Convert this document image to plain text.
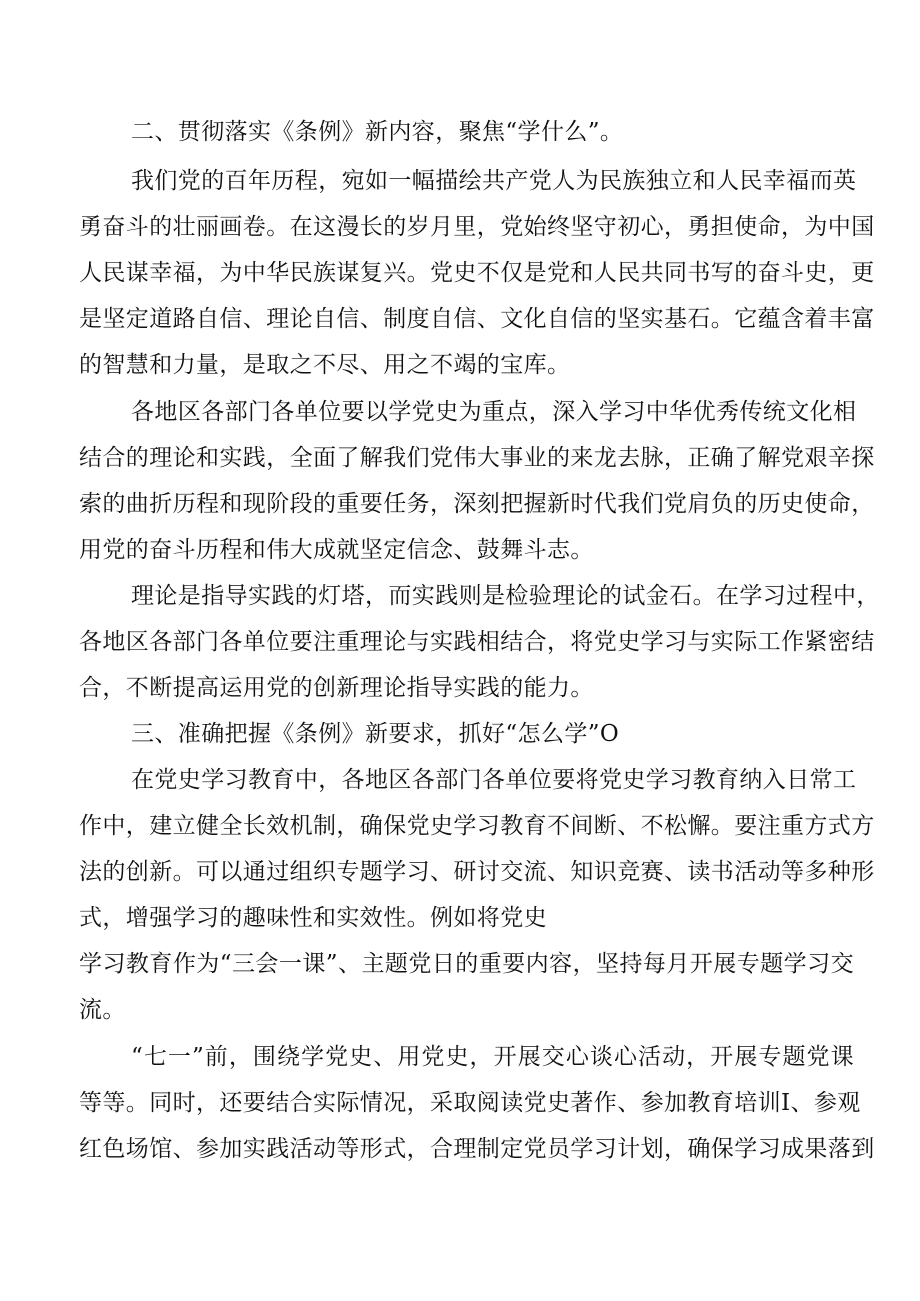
二、贯彻落实《条例》新内容，聚焦“学什么”。
我们党的百年历程，宛如一幅描绘共产党人为民族独立和人民幸福而英
勇奋斗的壮丽画卷。在这漫长的岁月里，党始终坚守初心，勇担使命，为中国
人民谋幸福，为中华民族谋复兴。党史不仅是党和人民共同书写的奋斗史，更
是坚定道路自信、理论自信、制度自信、文化自信的坚实基石。它蕴含着丰富
的智慧和力量，是取之不尽、用之不竭的宝库。
各地区各部门各单位要以学党史为重点，深入学习中华优秀传统文化相
结合的理论和实践，全面了解我们党伟大事业的来龙去脉，正确了解党艰辛探
索的曲折历程和现阶段的重要任务，深刻把握新时代我们党肩负的历史使命，
用党的奋斗历程和伟大成就坚定信念、鼓舞斗志。
理论是指导实践的灯塔，而实践则是检验理论的试金石。在学习过程中，
各地区各部门各单位要注重理论与实践相结合，将党史学习与实际工作紧密结
合，不断提高运用党的创新理论指导实践的能力。
三、准确把握《条例》新要求，抓好“怎么学”O
在党史学习教育中，各地区各部门各单位要将党史学习教育纳入日常工
作中，建立健全长效机制，确保党史学习教育不间断、不松懈。要注重方式方
法的创新。可以通过组织专题学习、研讨交流、知识竞赛、读书活动等多种形
式，增强学习的趣味性和实效性。例如将党史
学习教育作为“三会一课”、主题党日的重要内容，坚持每月开展专题学习交
流。
“七一”前，围绕学党史、用党史，开展交心谈心活动，开展专题党课
等等。同时，还要结合实际情况，采取阅读党史著作、参加教育培训I、参观
红色场馆、参加实践活动等形式，合理制定党员学习计划，确保学习成果落到
